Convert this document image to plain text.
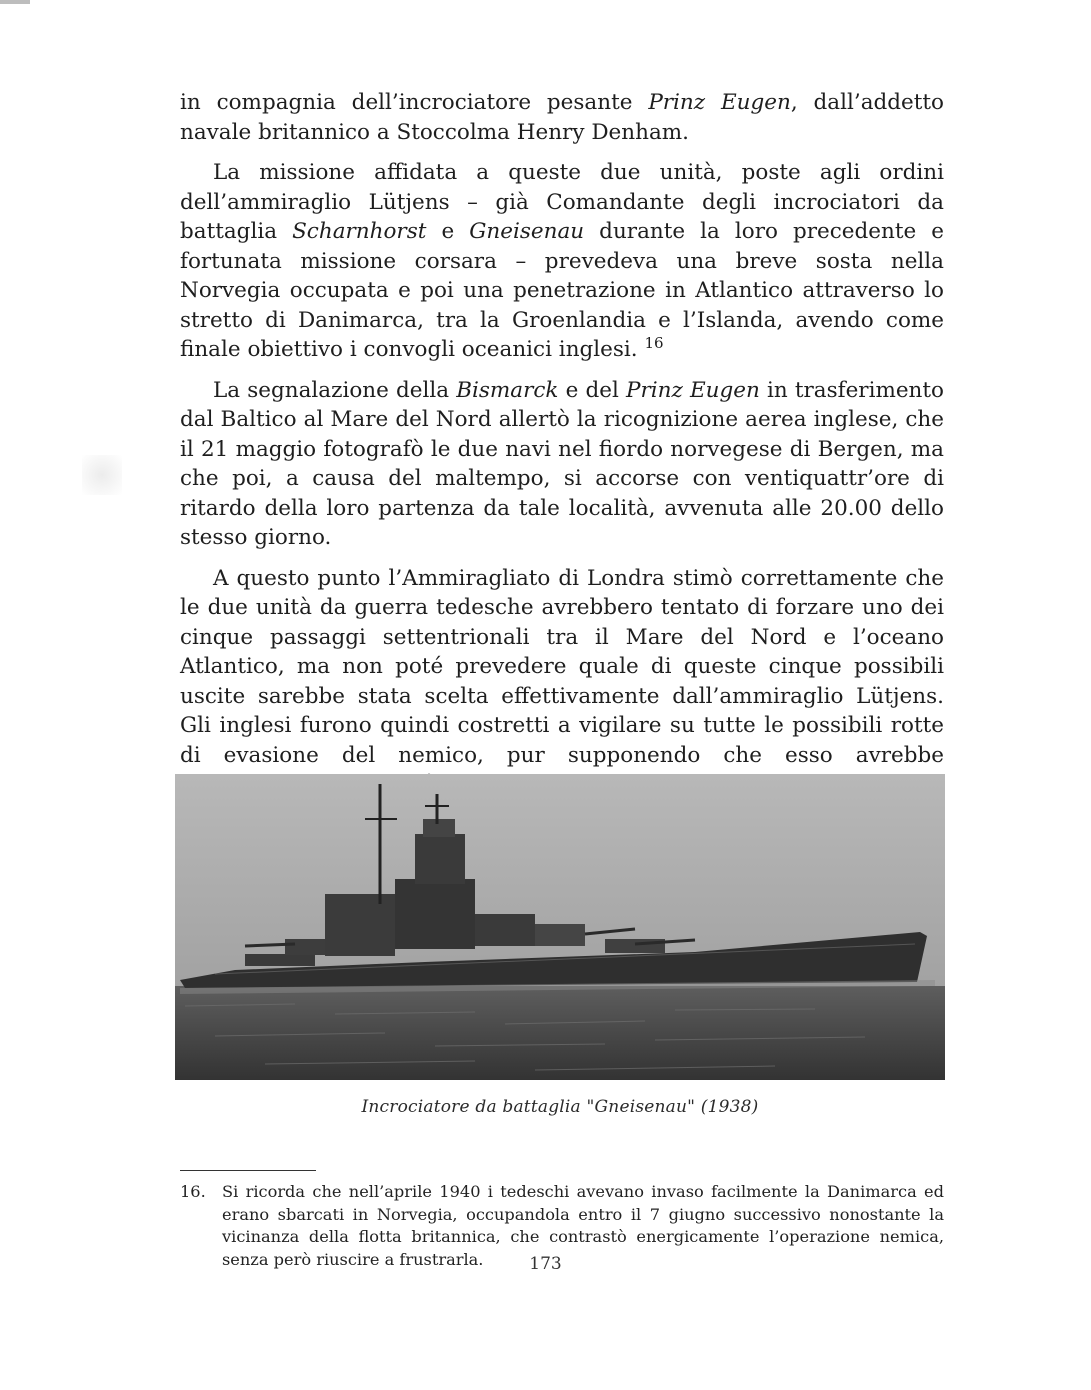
in compagnia dell’incrociatore pesante Prinz Eugen, dall’addetto navale britannico a Stoccolma Henry Denham.

La missione affidata a queste due unità, poste agli ordini dell’ammiraglio Lütjens – già Comandante degli incrociatori da battaglia Scharnhorst e Gneisenau durante la loro precedente e fortunata missione corsara – prevedeva una breve sosta nella Norvegia occupata e poi una penetrazione in Atlantico attraverso lo stretto di Danimarca, tra la Groenlandia e l’Islanda, avendo come finale obiettivo i convogli oceanici inglesi. $^{16}$

La segnalazione della Bismarck e del Prinz Eugen in trasferimento dal Baltico al Mare del Nord allertò la ricognizione aerea inglese, che il 21 maggio fotografò le due navi nel fiordo norvegese di Bergen, ma che poi, a causa del maltempo, si accorse con ventiquattr’ore di ritardo della loro partenza da tale località, avvenuta alle 20.00 dello stesso giorno.

A questo punto l’Ammiragliato di Londra stimò correttamente che le due unità da guerra tedesche avrebbero tentato di forzare uno dei cinque passaggi settentrionali tra il Mare del Nord e l’oceano Atlantico, ma non poté prevedere quale di queste cinque possibili uscite sarebbe stata scelta effettivamente dall’ammiraglio Lütjens. Gli inglesi furono quindi costretti a vigilare su tutte le possibili rotte di evasione del nemico, pur supponendo che esso avrebbe

Incrociatore da battaglia "Gneisenau" (1938)
16.	Si ricorda che nell’aprile 1940 i tedeschi avevano invaso facilmente la Danimarca ed erano sbarcati in Norvegia, occupandola entro il 7 giugno successivo nonostante la vicinanza della flotta britannica, che contrastò energicamente l’operazione nemica, senza però riuscire a frustrarla.	173
